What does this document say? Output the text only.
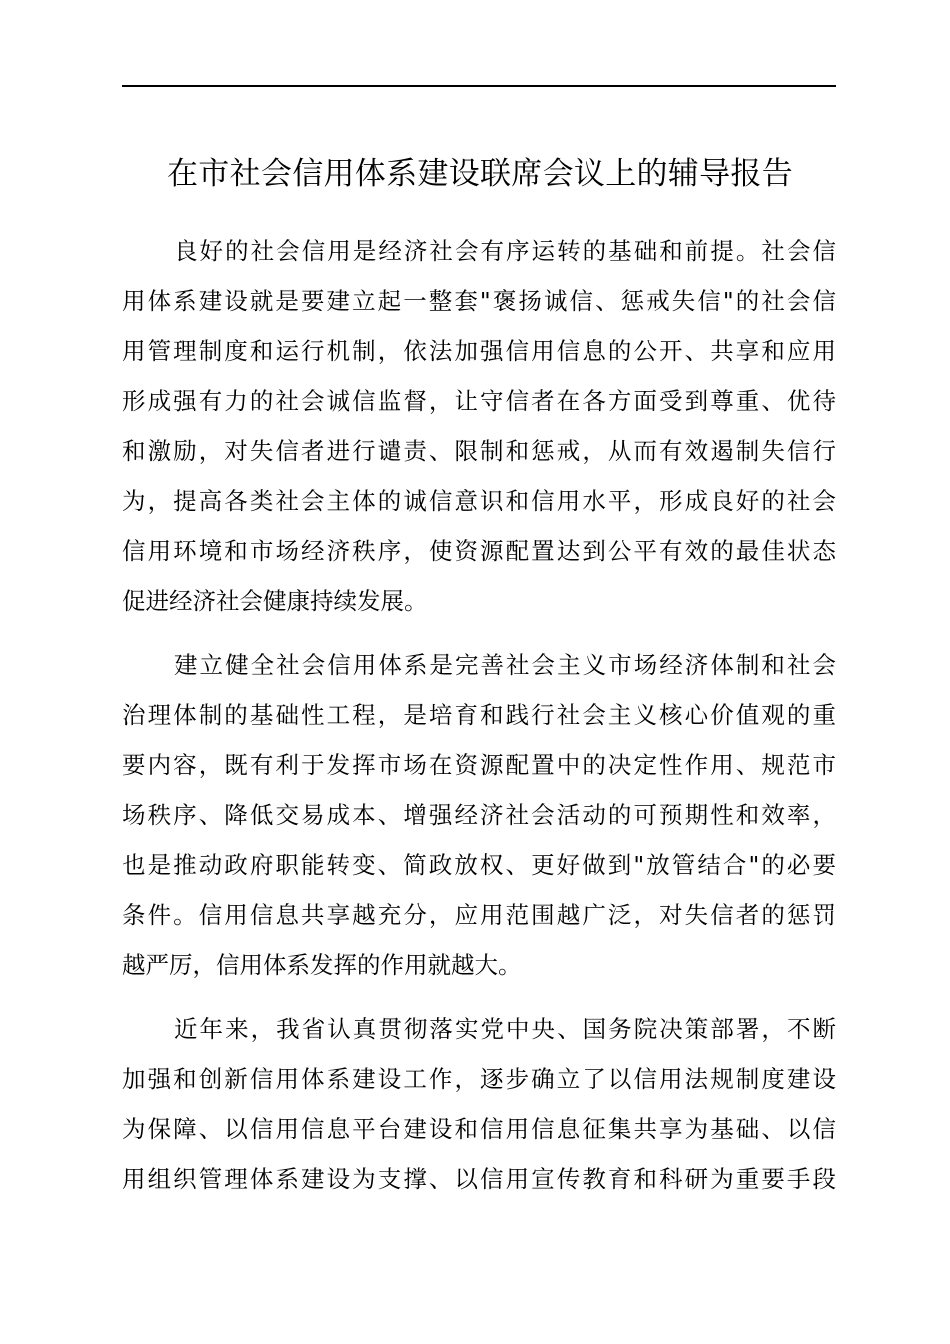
在市社会信用体系建设联席会议上的辅导报告

良好的社会信用是经济社会有序运转的基础和前提。社会信
用体系建设就是要建立起一整套"褒扬诚信、惩戒失信"的社会信
用管理制度和运行机制，依法加强信用信息的公开、共享和应用
形成强有力的社会诚信监督，让守信者在各方面受到尊重、优待
和激励，对失信者进行谴责、限制和惩戒，从而有效遏制失信行
为，提高各类社会主体的诚信意识和信用水平，形成良好的社会
信用环境和市场经济秩序，使资源配置达到公平有效的最佳状态
促进经济社会健康持续发展。

建立健全社会信用体系是完善社会主义市场经济体制和社会
治理体制的基础性工程，是培育和践行社会主义核心价值观的重
要内容，既有利于发挥市场在资源配置中的决定性作用、规范市
场秩序、降低交易成本、增强经济社会活动的可预期性和效率，
也是推动政府职能转变、简政放权、更好做到"放管结合"的必要
条件。信用信息共享越充分，应用范围越广泛，对失信者的惩罚
越严厉，信用体系发挥的作用就越大。

近年来，我省认真贯彻落实党中央、国务院决策部署，不断
加强和创新信用体系建设工作，逐步确立了以信用法规制度建设
为保障、以信用信息平台建设和信用信息征集共享为基础、以信
用组织管理体系建设为支撑、以信用宣传教育和科研为重要手段
